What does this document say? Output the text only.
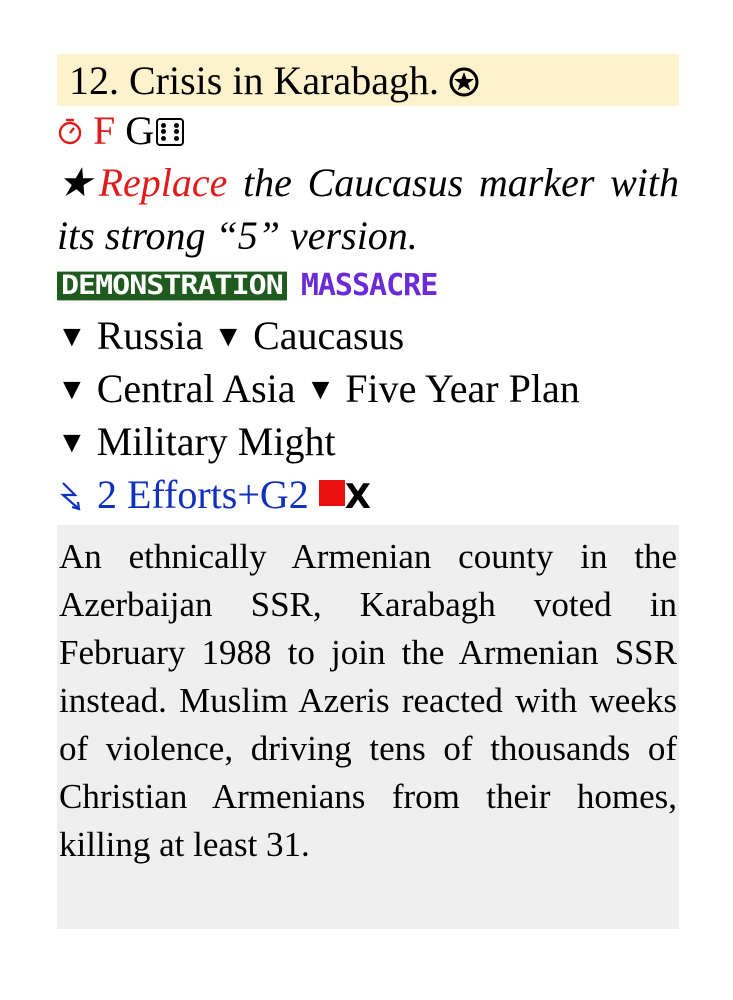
12. Crisis in Karabagh.
F G
★Replace the Caucasus marker with its strong “5” version.
DEMONSTRATION MASSACRE
▼ Russia ▼ Caucasus
▼ Central Asia ▼ Five Year Plan
▼ Military Might
2 Efforts+G2 X
An ethnically Armenian county in the Azerbaijan SSR, Karabagh voted in February 1988 to join the Armenian SSR instead. Muslim Azeris reacted with weeks of violence, driving tens of thousands of Christian Armenians from their homes, killing at least 31.
